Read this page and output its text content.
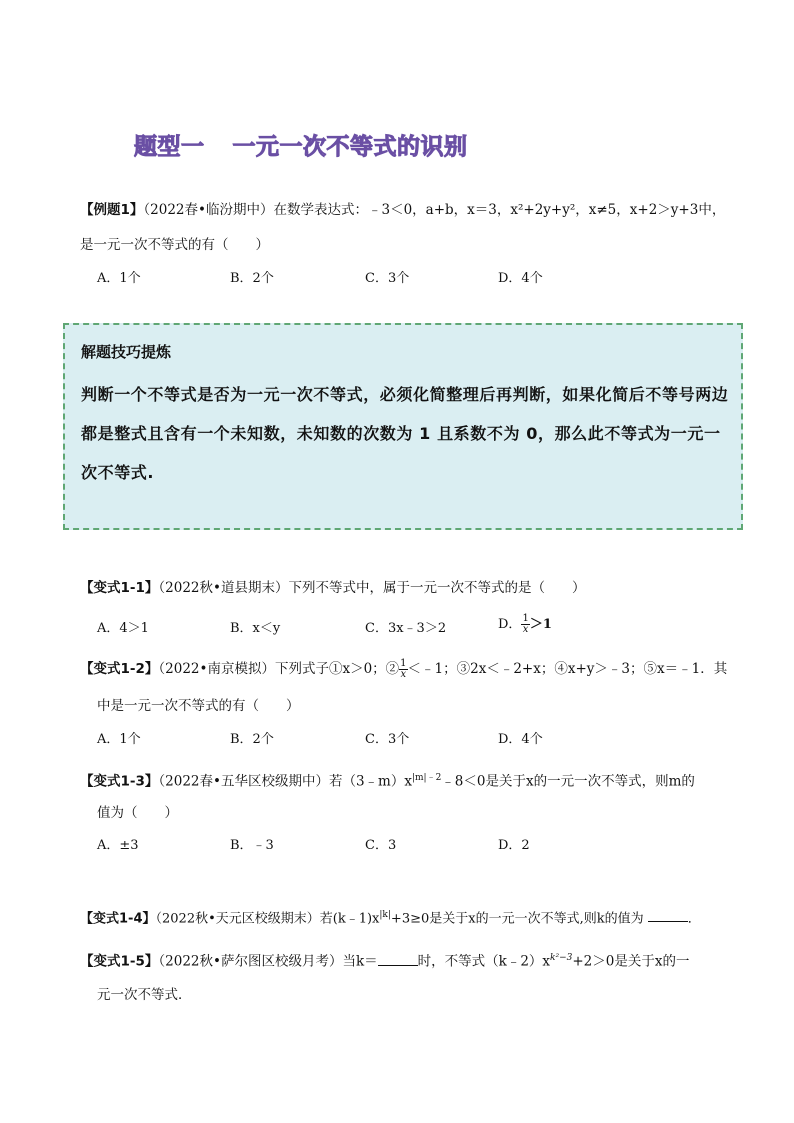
题型一 一元一次不等式的识别
【例题1】（2022春•临汾期中）在数学表达式：﹣3＜0，a+b，x＝3，x²+2y+y²，x≠5，x+2＞y+3中，
是一元一次不等式的有（　　）
A．1个	B．2个	C．3个	D．4个
解题技巧提炼
判断一个不等式是否为一元一次不等式，必须化简整理后再判断，如果化简后不等号两边都是整式且含有一个未知数，未知数的次数为 1 且系数不为 0，那么此不等式为一元一次不等式.
【变式1-1】（2022秋•道县期末）下列不等式中，属于一元一次不等式的是（　　）
A．4＞1	B．x＜y	C．3x﹣3＞2	D． $\frac{1}{x}>1$
【变式1-2】（2022•南京模拟）下列式子①x＞0；② $\frac{1}{x}<﹣1$；③2x＜﹣2+x；④x+y＞﹣3；⑤x＝﹣1．其
中是一元一次不等式的有（　　）
A．1个	B．2个	C．3个	D．4个
【变式1-3】（2022春•五华区校级期中）若$(3﹣m)x^{|m|﹣2}﹣8<0$是关于x的一元一次不等式，则m的
值为（　　）
A．±3	B．﹣3	C．3	D．2
【变式1-4】（2022秋•天元区校级期末）若$(k﹣1)x^{|k|}+3\ge 0$是关于x的一元一次不等式,则k的值为	．
【变式1-5】（2022秋•萨尔图区校级月考）当k＝	时，不等式$(k﹣2)x^{k^2-3}+2>0$是关于x的一
元一次不等式．
